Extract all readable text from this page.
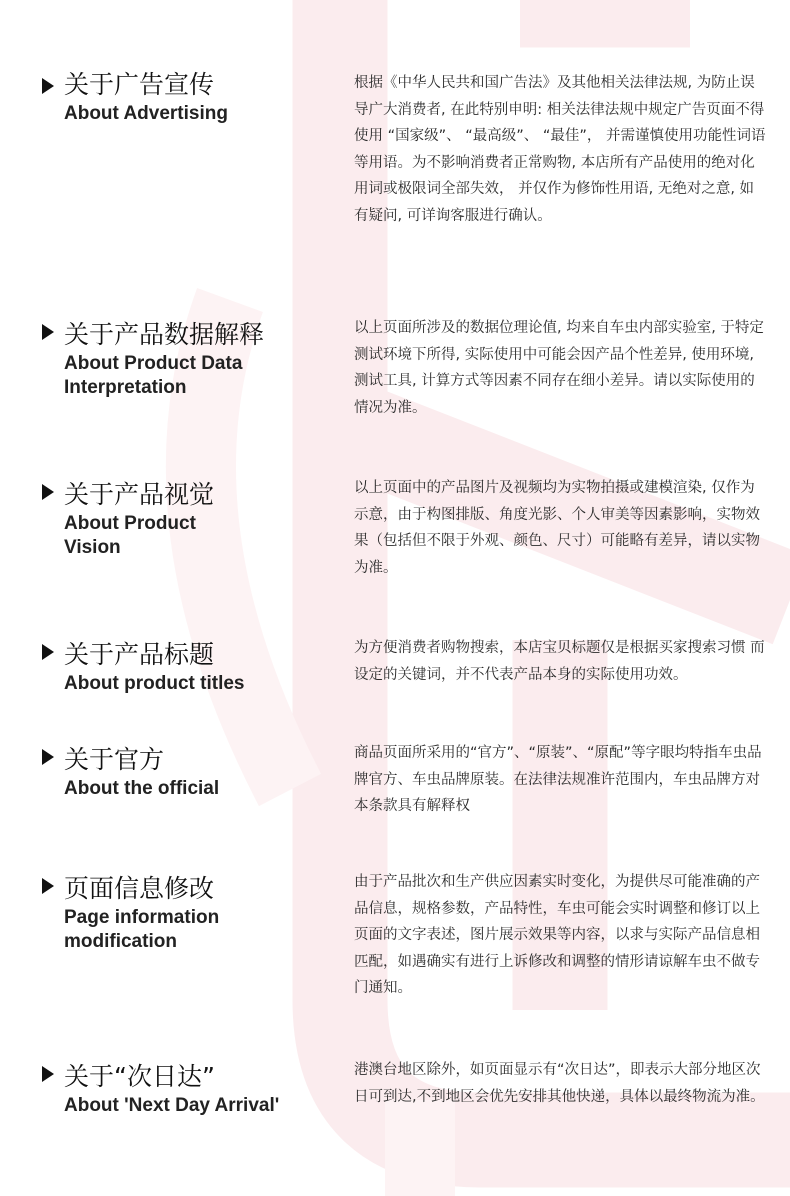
关于广告宣传
About Advertising
根据《中华人民共和国广告法》及其他相关法律法规, 为防止误导广大消费者, 在此特别申明: 相关法律法规中规定广告页面不得使用 “国家级”、 “最高级”、 “最佳”， 并需谨慎使用功能性词语等用语。为不影响消费者正常购物, 本店所有产品使用的绝对化用词或极限词全部失效， 并仅作为修饰性用语, 无绝对之意, 如有疑问, 可详询客服进行确认。
关于产品数据解释
About Product Data Interpretation
以上页面所涉及的数据位理论值, 均来自车虫内部实验室, 于特定测试环境下所得, 实际使用中可能会因产品个性差异, 使用环境, 测试工具, 计算方式等因素不同存在细小差异。请以实际使用的情况为准。
关于产品视觉
About Product Vision
以上页面中的产品图片及视频均为实物拍摄或建模渲染, 仅作为示意，由于构图排版、角度光影、个人审美等因素影响，实物效果（包括但不限于外观、颜色、尺寸）可能略有差异，请以实物为准。
关于产品标题
About product titles
为方便消费者购物搜索，本店宝贝标题仅是根据买家搜索习惯 而设定的关键词，并不代表产品本身的实际使用功效。
关于官方
About the official
商品页面所采用的“官方”、“原装”、“原配”等字眼均特指车虫品牌官方、车虫品牌原装。在法律法规准许范围内，车虫品牌方对本条款具有解释权
页面信息修改
Page information modification
由于产品批次和生产供应因素实时变化，为提供尽可能准确的产品信息，规格参数，产品特性，车虫可能会实时调整和修订以上页面的文字表述，图片展示效果等内容，以求与实际产品信息相匹配，如遇确实有进行上诉修改和调整的情形请谅解车虫不做专门通知。
关于“次日达”
About 'Next Day Arrival'
港澳台地区除外，如页面显示有“次日达”，即表示大部分地区次日可到达,不到地区会优先安排其他快递，具体以最终物流为准。
